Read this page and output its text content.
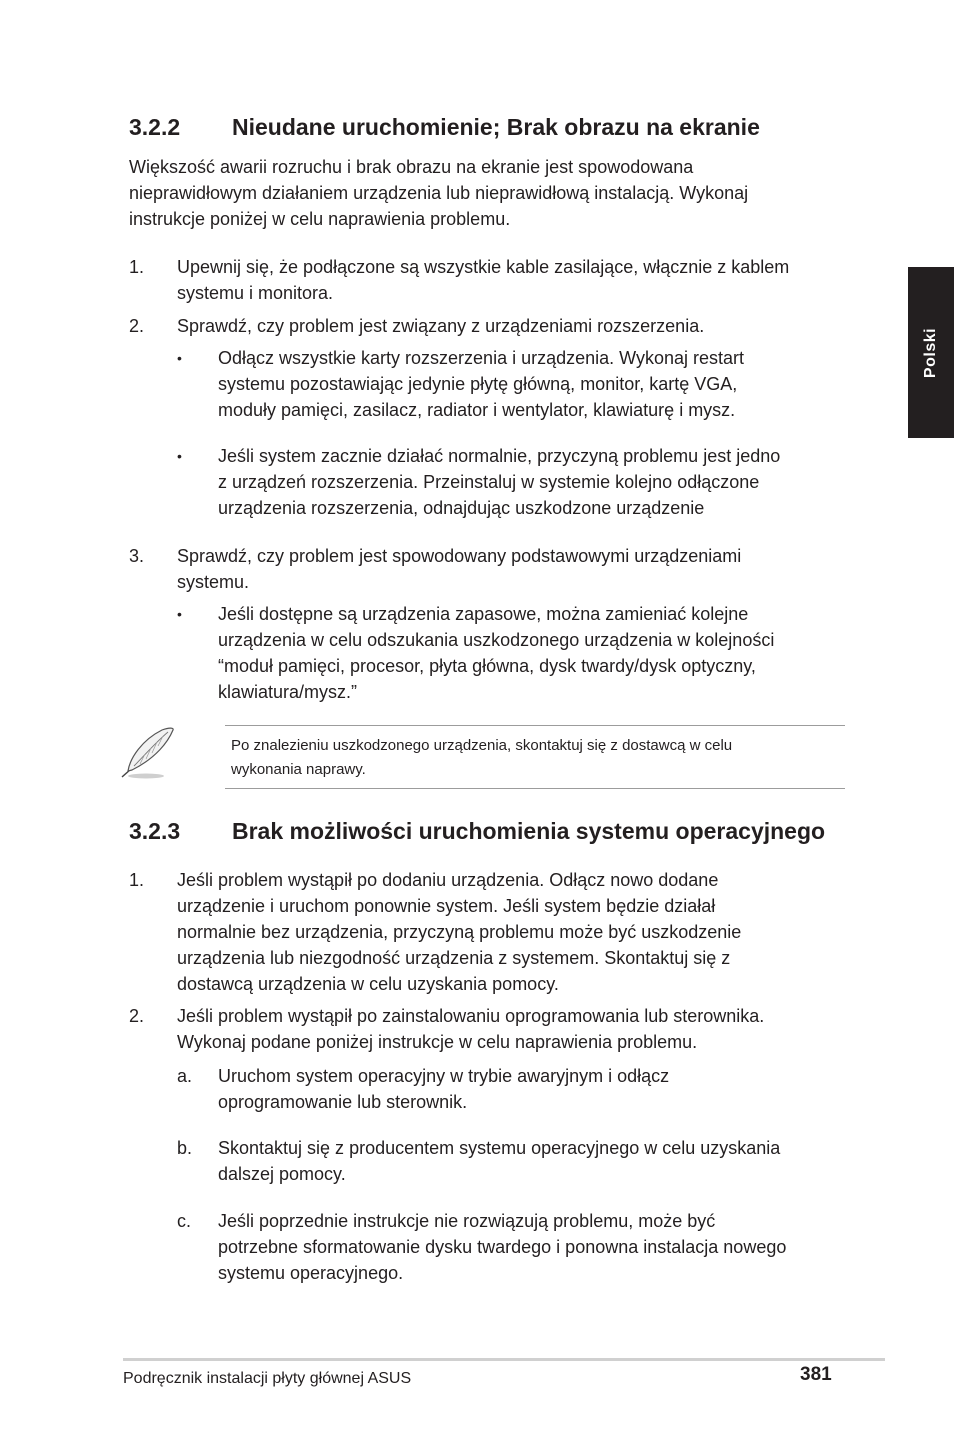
Polski
3.2.2 Nieudane uruchomienie; Brak obrazu na ekranie
Większość awarii rozruchu i brak obrazu na ekranie jest spowodowana
nieprawidłowym działaniem urządzenia lub nieprawidłową instalacją. Wykonaj
instrukcje poniżej w celu naprawienia problemu.
1. Upewnij się, że podłączone są wszystkie kable zasilające, włącznie z kablem
systemu i monitora.
2. Sprawdź, czy problem jest związany z urządzeniami rozszerzenia.
• Odłącz wszystkie karty rozszerzenia i urządzenia. Wykonaj restart
systemu pozostawiając jedynie płytę główną, monitor, kartę VGA,
moduły pamięci, zasilacz, radiator i wentylator, klawiaturę i mysz.
• Jeśli system zacznie działać normalnie, przyczyną problemu jest jedno
z urządzeń rozszerzenia. Przeinstaluj w systemie kolejno odłączone
urządzenia rozszerzenia, odnajdując uszkodzone urządzenie
3. Sprawdź, czy problem jest spowodowany podstawowymi urządzeniami
systemu.
• Jeśli dostępne są urządzenia zapasowe, można zamieniać kolejne
urządzenia w celu odszukania uszkodzonego urządzenia w kolejności
“moduł pamięci, procesor, płyta główna, dysk twardy/dysk optyczny,
klawiatura/mysz.”
Po znalezieniu uszkodzonego urządzenia, skontaktuj się z dostawcą w celu
wykonania naprawy.
3.2.3 Brak możliwości uruchomienia systemu operacyjnego
1. Jeśli problem wystąpił po dodaniu urządzenia. Odłącz nowo dodane
urządzenie i uruchom ponownie system. Jeśli system będzie działał
normalnie bez urządzenia, przyczyną problemu może być uszkodzenie
urządzenia lub niezgodność urządzenia z systemem. Skontaktuj się z
dostawcą urządzenia w celu uzyskania pomocy.
2. Jeśli problem wystąpił po zainstalowaniu oprogramowania lub sterownika.
Wykonaj podane poniżej instrukcje w celu naprawienia problemu.
a. Uruchom system operacyjny w trybie awaryjnym i odłącz
oprogramowanie lub sterownik.
b. Skontaktuj się z producentem systemu operacyjnego w celu uzyskania
dalszej pomocy.
c. Jeśli poprzednie instrukcje nie rozwiązują problemu, może być
potrzebne sformatowanie dysku twardego i ponowna instalacja nowego
systemu operacyjnego.
Podręcznik instalacji płyty głównej ASUS	381
